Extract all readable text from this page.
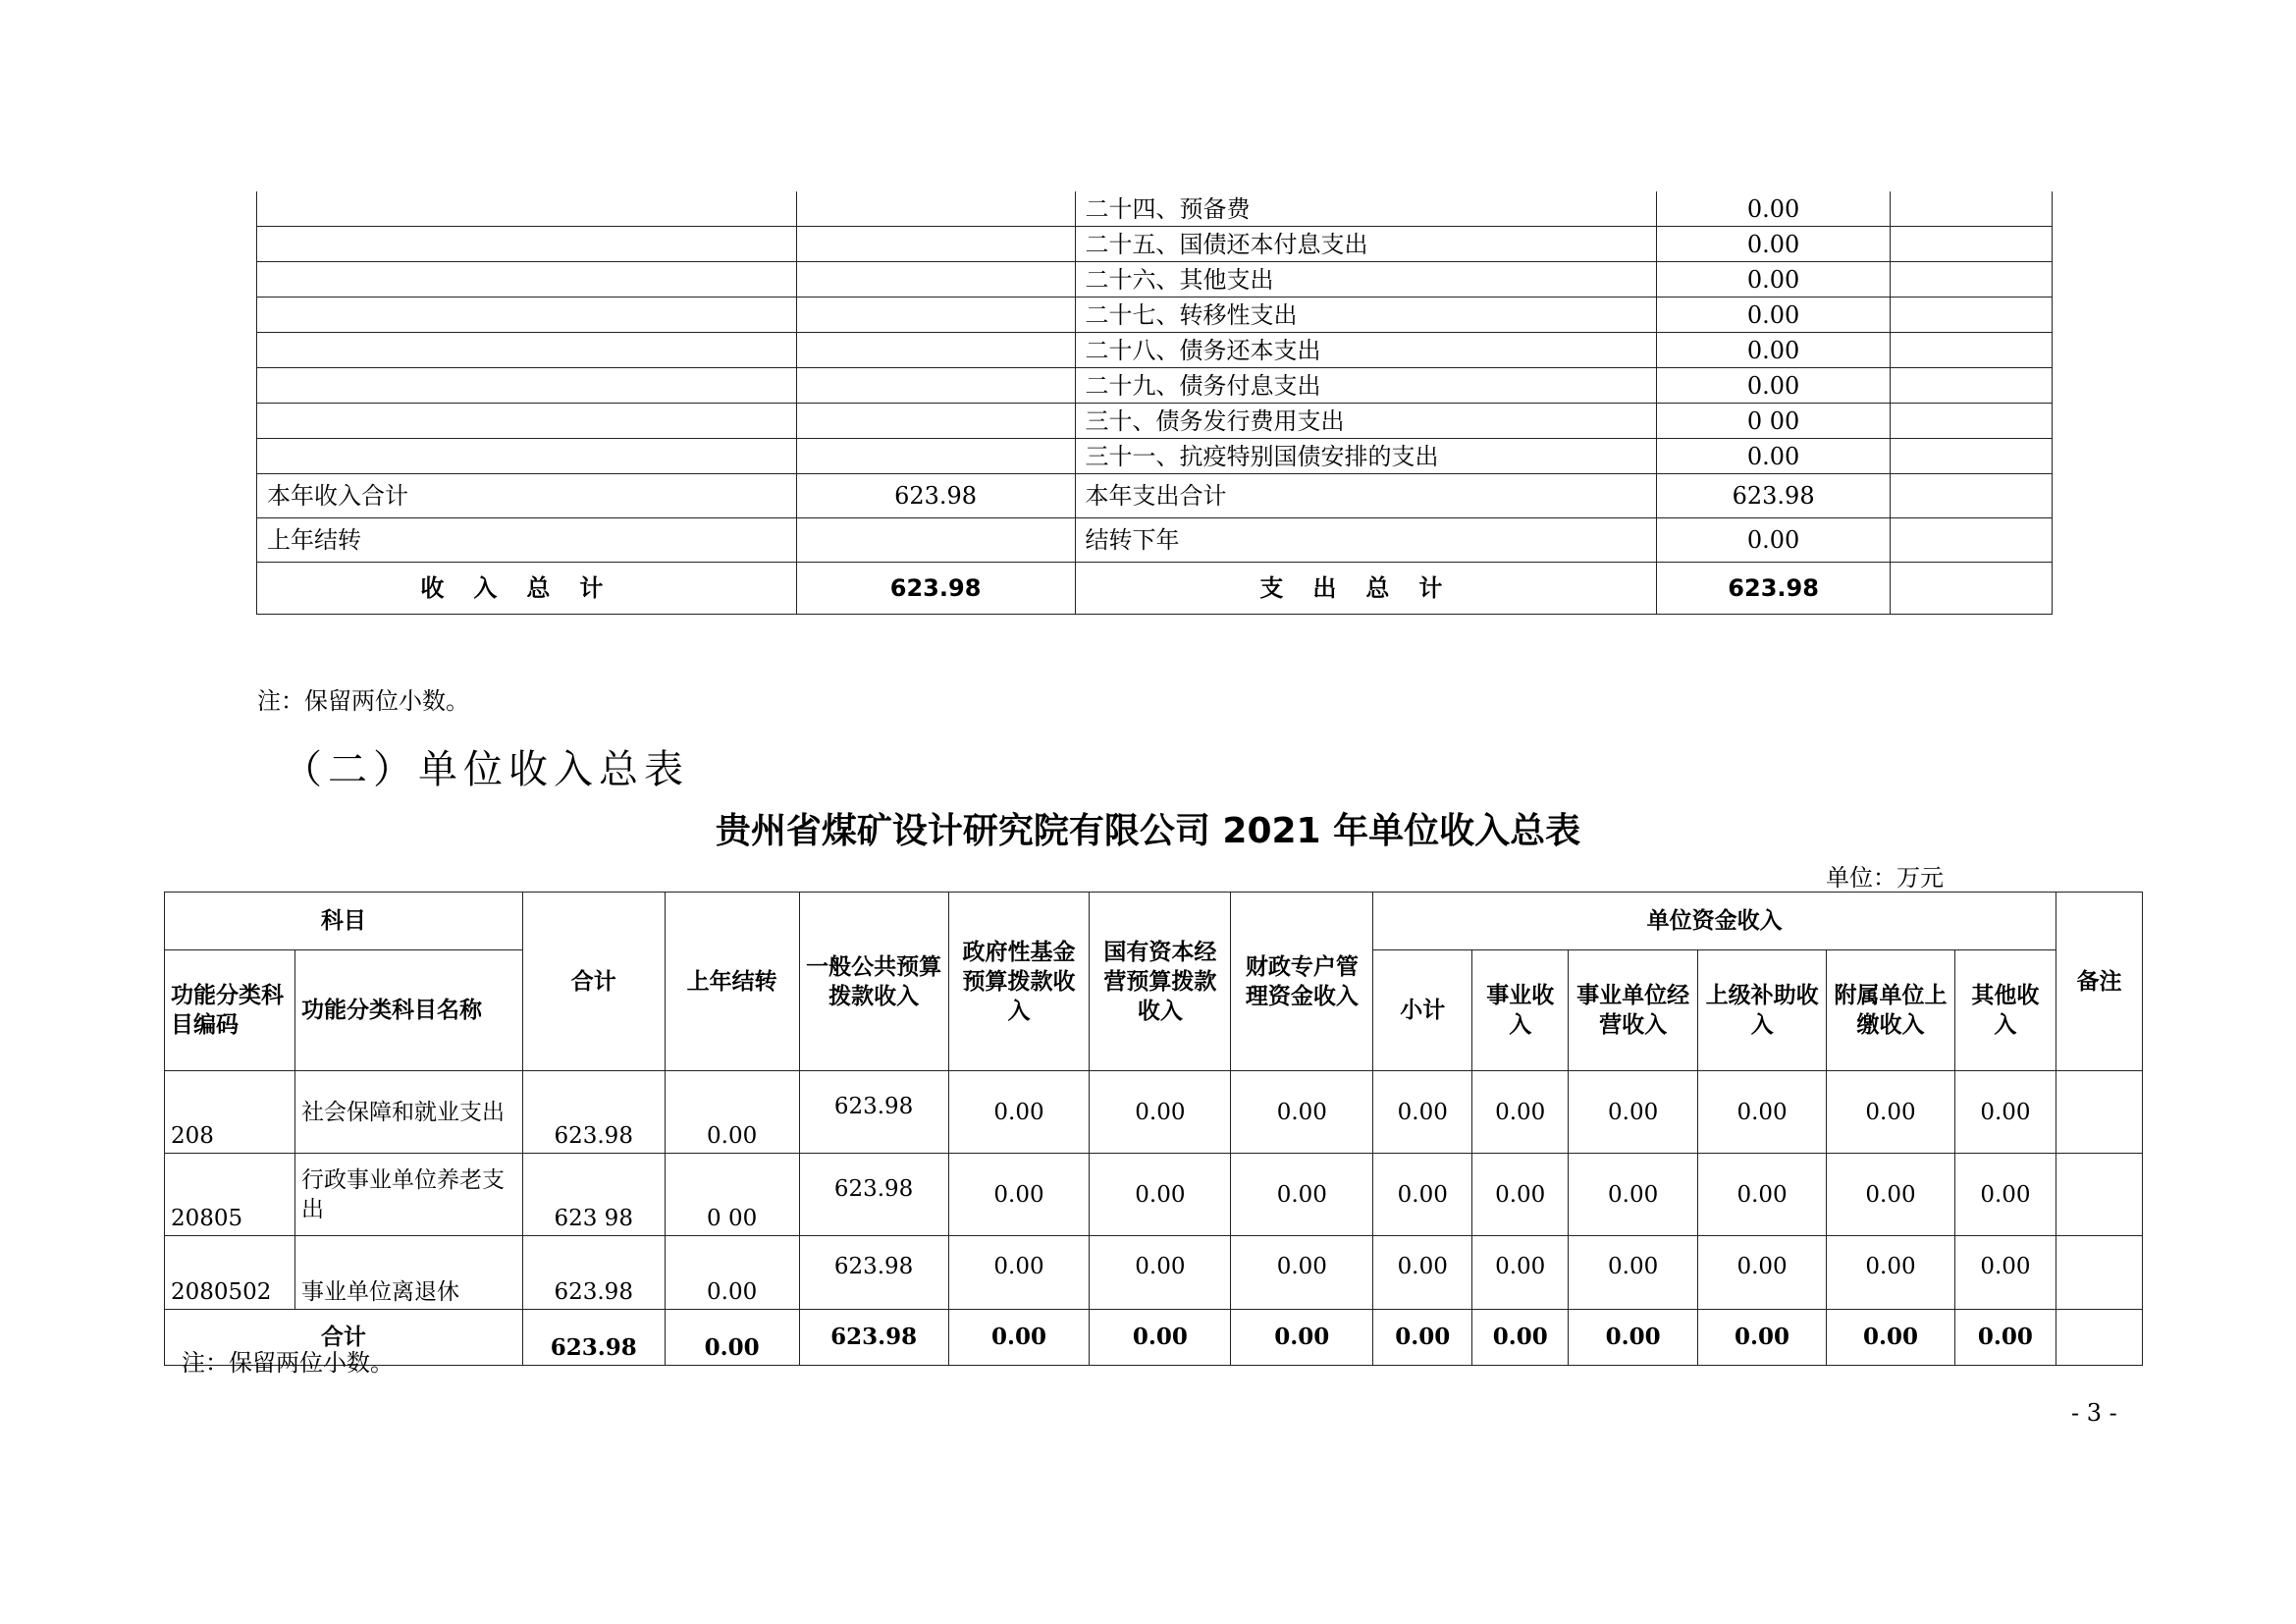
		二十四、预备费	0.00	
		二十五、国债还本付息支出	0.00	
		二十六、其他支出	0.00	
		二十七、转移性支出	0.00	
		二十八、债务还本支出	0.00	
		二十九、债务付息支出	0.00	
		三十、债务发行费用支出	0 00	
		三十一、抗疫特别国债安排的支出	0.00	
本年收入合计	623.98	本年支出合计	623.98	
上年结转		结转下年	0.00	
收入总计	623.98	支出总计	623.98	
注：保留两位小数。
（二）单位收入总表
贵州省煤矿设计研究院有限公司 2021 年单位收入总表
单位：万元
科目		合计	上年结转	一般公共预算拨款收入	政府性基金预算拨款收入	国有资本经营预算拨款收入	财政专户管理资金收入	单位资金收入						备注
功能分类科目编码	功能分类科目名称							小计	事业收入	事业单位经营收入	上级补助收入	附属单位上缴收入	其他收入	
208	社会保障和就业支出	623.98	0.00	623.98	0.00	0.00	0.00	0.00	0.00	0.00	0.00	0.00	0.00	
20805	行政事业单位养老支出	623 98	0 00	623.98	0.00	0.00	0.00	0.00	0.00	0.00	0.00	0.00	0.00	
2080502	事业单位离退休	623.98	0.00	623.98	0.00	0.00	0.00	0.00	0.00	0.00	0.00	0.00	0.00	
合计		623.98	0.00	623.98	0.00	0.00	0.00	0.00	0.00	0.00	0.00	0.00	0.00	
注：保留两位小数。
- 3 -
